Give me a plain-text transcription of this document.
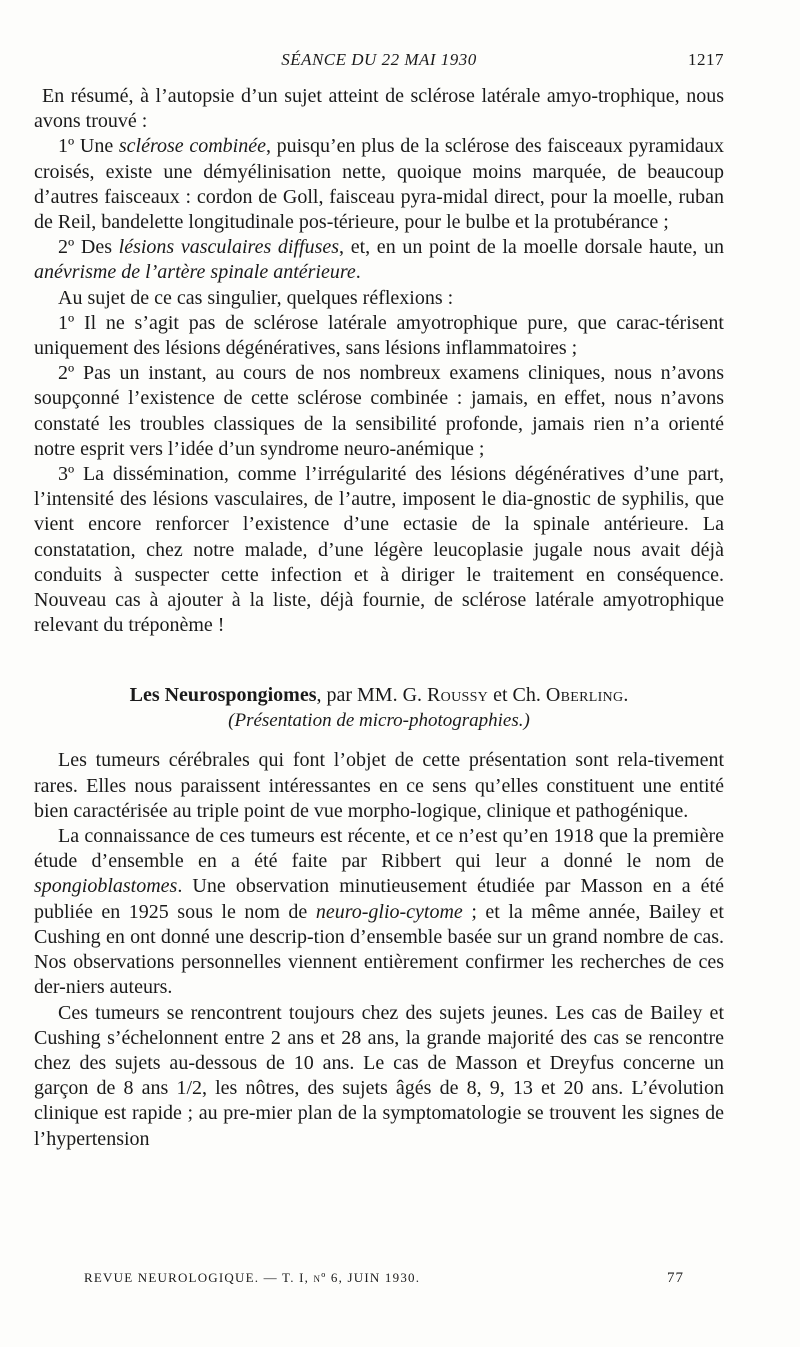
SÉANCE DU 22 MAI 1930	1217

En résumé, à l’autopsie d’un sujet atteint de sclérose latérale amyo-trophique, nous avons trouvé :

1º Une sclérose combinée, puisqu’en plus de la sclérose des faisceaux pyramidaux croisés, existe une démyélinisation nette, quoique moins marquée, de beaucoup d’autres faisceaux : cordon de Goll, faisceau pyra-midal direct, pour la moelle, ruban de Reil, bandelette longitudinale pos-térieure, pour le bulbe et la protubérance ;

2º Des lésions vasculaires diffuses, et, en un point de la moelle dorsale haute, un anévrisme de l’artère spinale antérieure.

Au sujet de ce cas singulier, quelques réflexions :

1º Il ne s’agit pas de sclérose latérale amyotrophique pure, que carac-térisent uniquement des lésions dégénératives, sans lésions inflammatoires ;

2º Pas un instant, au cours de nos nombreux examens cliniques, nous n’avons soupçonné l’existence de cette sclérose combinée : jamais, en effet, nous n’avons constaté les troubles classiques de la sensibilité profonde, jamais rien n’a orienté notre esprit vers l’idée d’un syndrome neuro-anémique ;

3º La dissémination, comme l’irrégularité des lésions dégénératives d’une part, l’intensité des lésions vasculaires, de l’autre, imposent le dia-gnostic de syphilis, que vient encore renforcer l’existence d’une ectasie de la spinale antérieure. La constatation, chez notre malade, d’une légère leucoplasie jugale nous avait déjà conduits à suspecter cette infection et à diriger le traitement en conséquence. Nouveau cas à ajouter à la liste, déjà fournie, de sclérose latérale amyotrophique relevant du tréponème !

Les Neurospongiomes, par MM. G. Roussy et Ch. Oberling.
(Présentation de micro-photographies.)

Les tumeurs cérébrales qui font l’objet de cette présentation sont rela-tivement rares. Elles nous paraissent intéressantes en ce sens qu’elles constituent une entité bien caractérisée au triple point de vue morpho-logique, clinique et pathogénique.

La connaissance de ces tumeurs est récente, et ce n’est qu’en 1918 que la première étude d’ensemble en a été faite par Ribbert qui leur a donné le nom de spongioblastomes. Une observation minutieusement étudiée par Masson en a été publiée en 1925 sous le nom de neuro-glio-cytome ; et la même année, Bailey et Cushing en ont donné une descrip-tion d’ensemble basée sur un grand nombre de cas. Nos observations personnelles viennent entièrement confirmer les recherches de ces der-niers auteurs.

Ces tumeurs se rencontrent toujours chez des sujets jeunes. Les cas de Bailey et Cushing s’échelonnent entre 2 ans et 28 ans, la grande majorité des cas se rencontre chez des sujets au-dessous de 10 ans. Le cas de Masson et Dreyfus concerne un garçon de 8 ans 1/2, les nôtres, des sujets âgés de 8, 9, 13 et 20 ans. L’évolution clinique est rapide ; au pre-mier plan de la symptomatologie se trouvent les signes de l’hypertension

REVUE NEUROLOGIQUE. — T. I, nº 6, JUIN 1930.	77
